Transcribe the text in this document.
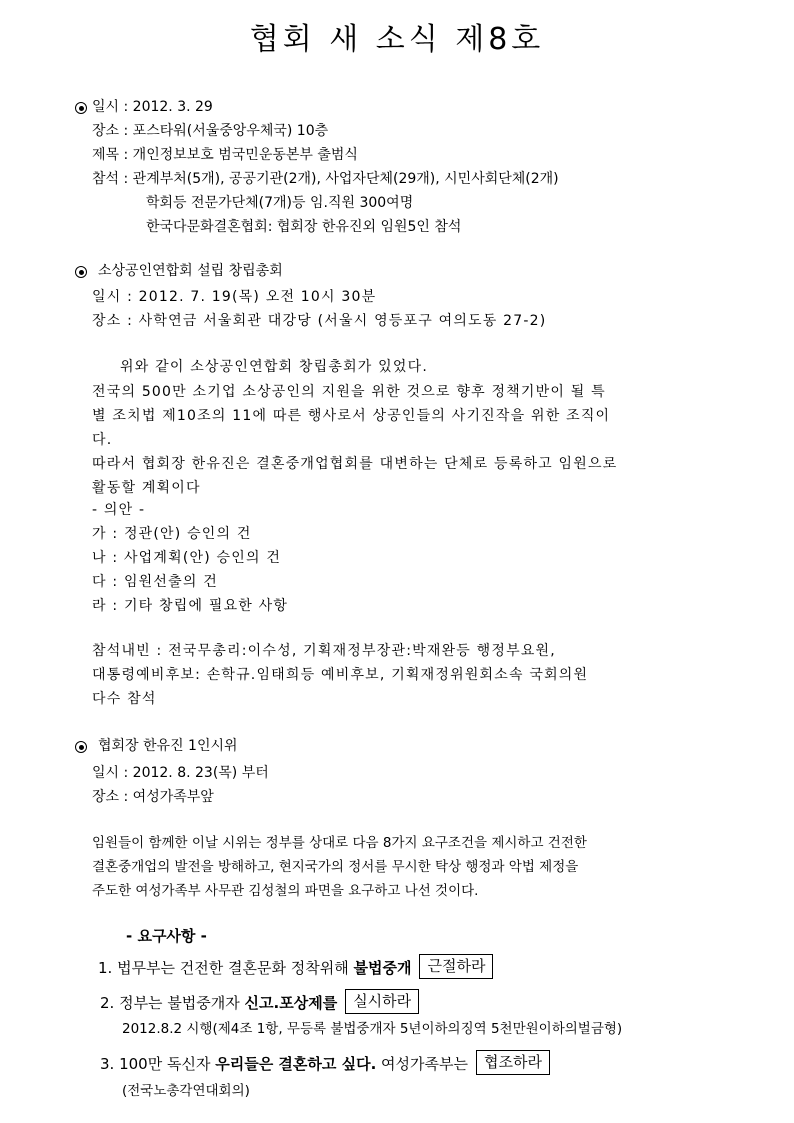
협회 새 소식 제8호
일시 : 2012. 3. 29
장소 : 포스타워(서울중앙우체국) 10층
제목 : 개인정보보호 범국민운동본부 출범식
참석 : 관계부처(5개), 공공기관(2개), 사업자단체(29개), 시민사회단체(2개)
학회등 전문가단체(7개)등 임.직원 300여명
한국다문화결혼협회: 협회장 한유진외 임원5인 참석
소상공인연합회 설립 창립총회
일시 : 2012. 7. 19(목) 오전 10시 30분
장소 : 사학연금 서울회관 대강당 (서울시 영등포구 여의도동 27-2)
위와 같이 소상공인연합회 창립총회가 있었다.
전국의 500만 소기업 소상공인의 지원을 위한 것으로 향후 정책기반이 될 특
별 조치법 제10조의 11에 따른 행사로서 상공인들의 사기진작을 위한 조직이
다.
따라서 협회장 한유진은 결혼중개업협회를 대변하는 단체로 등록하고 임원으로
활동할 계획이다
- 의안 -
가 : 정관(안) 승인의 건
나 : 사업계획(안) 승인의 건
다 : 임원선출의 건
라 : 기타 창립에 필요한 사항
참석내빈 : 전국무총리:이수성, 기획재정부장관:박재완등 행정부요원,
대통령예비후보: 손학규.임태희등 예비후보, 기획재정위원회소속 국회의원
다수 참석
협회장 한유진 1인시위
일시 : 2012. 8. 23(목) 부터
장소 : 여성가족부앞
임원들이 함께한 이날 시위는 정부를 상대로 다음 8가지 요구조건을 제시하고 건전한
결혼중개업의 발전을 방해하고, 현지국가의 정서를 무시한 탁상 행정과 악법 제정을
주도한 여성가족부 사무관 김성철의 파면을 요구하고 나선 것이다.
- 요구사항 -
1. 법무부는 건전한 결혼문화 정착위해 불법중개 근절하라
2. 정부는 불법중개자 신고.포상제를 실시하라
2012.8.2 시행(제4조 1항, 무등록 불법중개자 5년이하의징역 5천만원이하의벌금형)
3. 100만 독신자 우리들은 결혼하고 싶다. 여성가족부는 협조하라
(전국노총각연대회의)
